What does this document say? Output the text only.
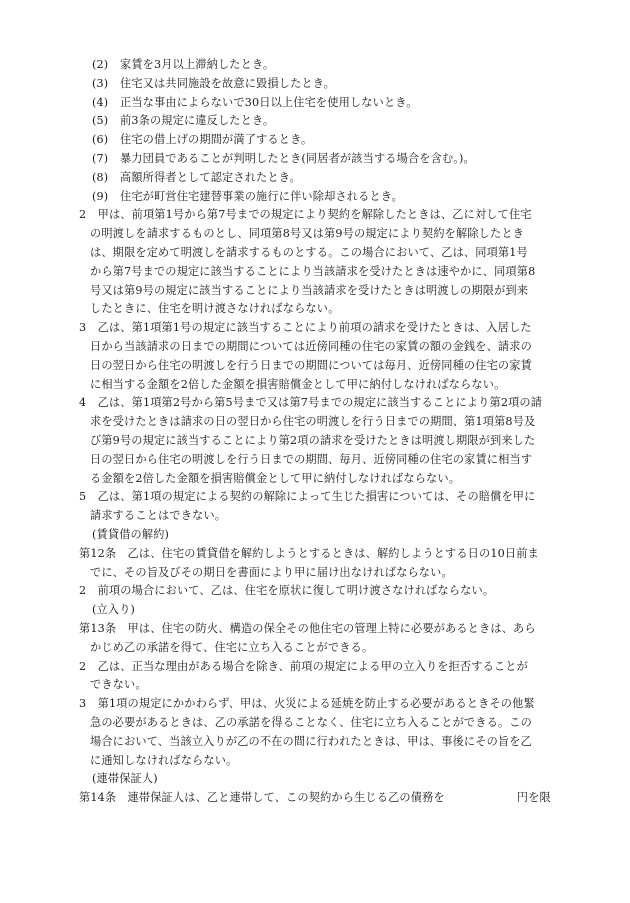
(2) 家賃を3月以上滞納したとき。
(3) 住宅又は共同施設を故意に毀損したとき。
(4) 正当な事由によらないで30日以上住宅を使用しないとき。
(5) 前3条の規定に違反したとき。
(6) 住宅の借上げの期間が満了するとき。
(7) 暴力団員であることが判明したとき(同居者が該当する場合を含む。)。
(8) 高額所得者として認定されたとき。
(9) 住宅が町営住宅建替事業の施行に伴い除却されるとき。
2　甲は、前項第1号から第7号までの規定により契約を解除したときは、乙に対して住宅
の明渡しを請求するものとし、同項第8号又は第9号の規定により契約を解除したとき
は、期限を定めて明渡しを請求するものとする。この場合において、乙は、同項第1号
から第7号までの規定に該当することにより当該請求を受けたときは速やかに、同項第8
号又は第9号の規定に該当することにより当該請求を受けたときは明渡しの期限が到来
したときに、住宅を明け渡さなければならない。
3　乙は、第1項第1号の規定に該当することにより前項の請求を受けたときは、入居した
日から当該請求の日までの期間については近傍同種の住宅の家賃の額の金銭を、請求の
日の翌日から住宅の明渡しを行う日までの期間については毎月、近傍同種の住宅の家賃
に相当する金額を2倍した金額を損害賠償金として甲に納付しなければならない。
4　乙は、第1項第2号から第5号まで又は第7号までの規定に該当することにより第2項の請
求を受けたときは請求の日の翌日から住宅の明渡しを行う日までの期間、第1項第8号及
び第9号の規定に該当することにより第2項の請求を受けたときは明渡し期限が到来した
日の翌日から住宅の明渡しを行う日までの期間、毎月、近傍同種の住宅の家賃に相当す
る金額を2倍した金額を損害賠償金として甲に納付しなければならない。
5　乙は、第1項の規定による契約の解除によって生じた損害については、その賠償を甲に
請求することはできない。
(賃貸借の解約)
第12条　乙は、住宅の賃貸借を解約しようとするときは、解約しようとする日の10日前ま
でに、その旨及びその期日を書面により甲に届け出なければならない。
2　前項の場合において、乙は、住宅を原状に復して明け渡さなければならない。
(立入り)
第13条　甲は、住宅の防火、構造の保全その他住宅の管理上特に必要があるときは、あら
かじめ乙の承諾を得て、住宅に立ち入ることができる。
2　乙は、正当な理由がある場合を除き、前項の規定による甲の立入りを拒否することが
できない。
3　第1項の規定にかかわらず、甲は、火災による延焼を防止する必要があるときその他緊
急の必要があるときは、乙の承諾を得ることなく、住宅に立ち入ることができる。この
場合において、当該立入りが乙の不在の間に行われたときは、甲は、事後にその旨を乙
に通知しなければならない。
(連帯保証人)
第14条　連帯保証人は、乙と連帯して、この契約から生じる乙の債務を	円を限
